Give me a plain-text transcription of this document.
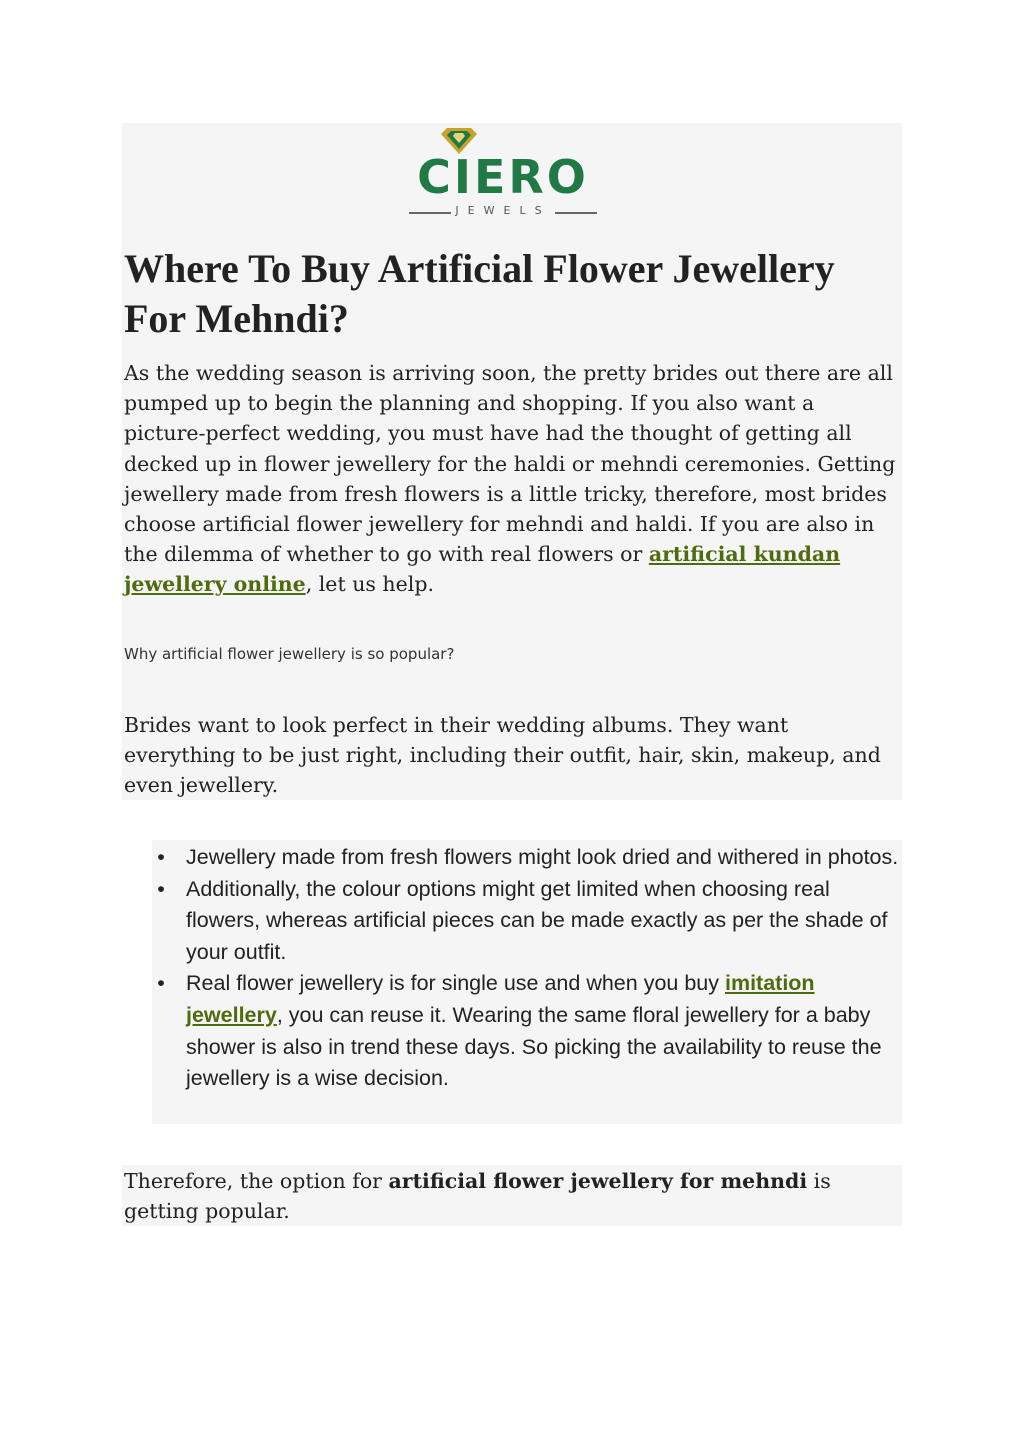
CIERO
JEWELS
Where To Buy Artificial Flower Jewellery For Mehndi?

As the wedding season is arriving soon, the pretty brides out there are all pumped up to begin the planning and shopping. If you also want a picture-perfect wedding, you must have had the thought of getting all decked up in flower jewellery for the haldi or mehndi ceremonies. Getting jewellery made from fresh flowers is a little tricky, therefore, most brides choose artificial flower jewellery for mehndi and haldi. If you are also in the dilemma of whether to go with real flowers or artificial kundan jewellery online, let us help.

Why artificial flower jewellery is so popular?

Brides want to look perfect in their wedding albums. They want everything to be just right, including their outfit, hair, skin, makeup, and even jewellery.

• Jewellery made from fresh flowers might look dried and withered in photos.
• Additionally, the colour options might get limited when choosing real flowers, whereas artificial pieces can be made exactly as per the shade of your outfit.
• Real flower jewellery is for single use and when you buy imitation jewellery, you can reuse it. Wearing the same floral jewellery for a baby shower is also in trend these days. So picking the availability to reuse the jewellery is a wise decision.

Therefore, the option for artificial flower jewellery for mehndi is getting popular.
